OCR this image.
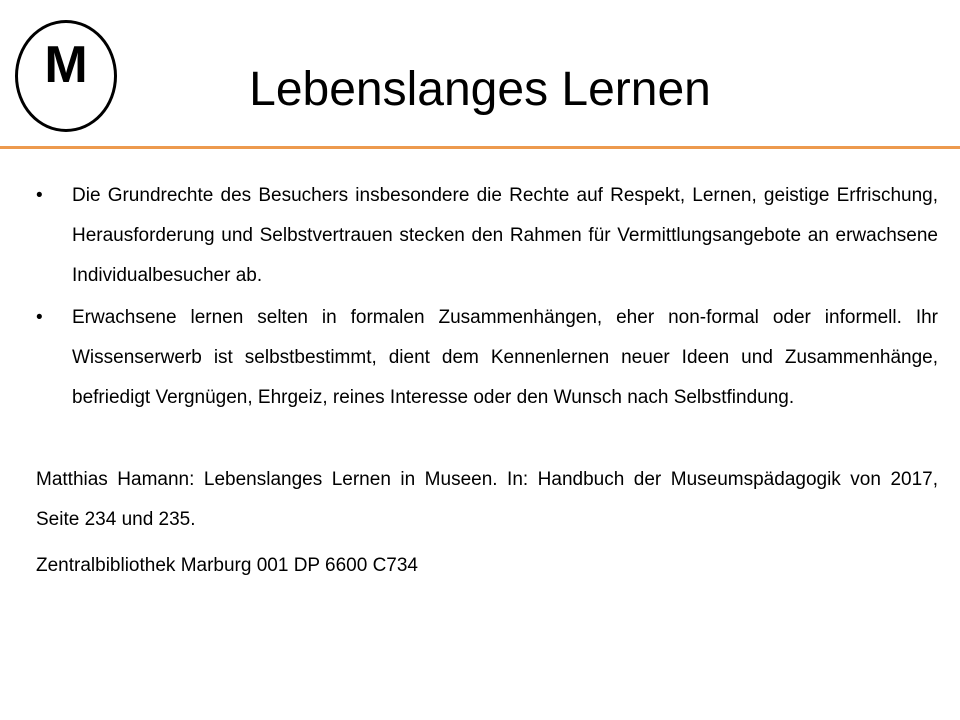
M	Lebenslanges Lernen
• Die Grundrechte des Besuchers insbesondere die Rechte auf Respekt, Lernen, geistige Erfrischung, Herausforderung und Selbstvertrauen stecken den Rahmen für Vermittlungsangebote an erwachsene Individualbesucher ab.
• Erwachsene lernen selten in formalen Zusammenhängen, eher non-formal oder informell. Ihr Wissenserwerb ist selbstbestimmt, dient dem Kennenlernen neuer Ideen und Zusammenhänge, befriedigt Vergnügen, Ehrgeiz, reines Interesse oder den Wunsch nach Selbstfindung.

Matthias Hamann: Lebenslanges Lernen in Museen. In: Handbuch der Museumspädagogik von 2017, Seite 234 und 235.

Zentralbibliothek Marburg 001 DP 6600 C734
